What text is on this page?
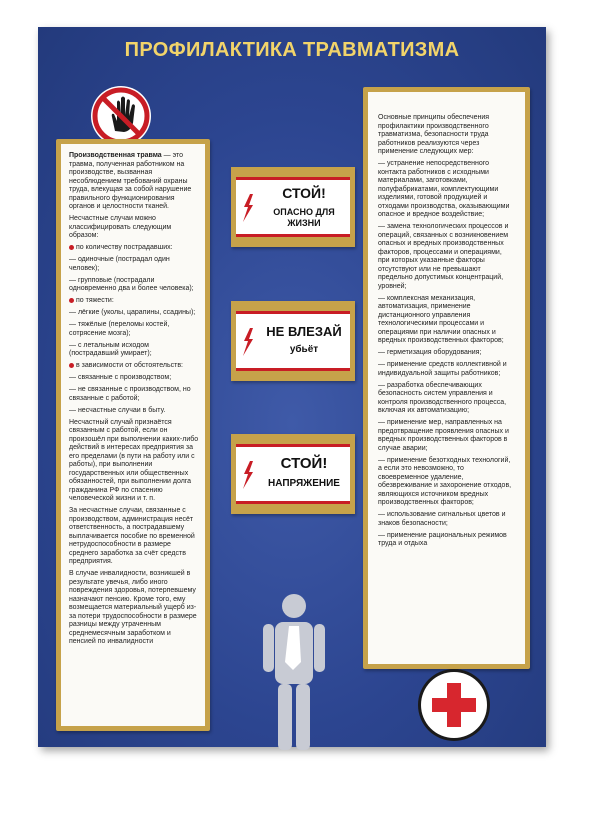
ПРОФИЛАКТИКА ТРАВМАТИЗМА

Производственная травма — это травма, полученная работником на производстве, вызванная несоблюдением требований охраны труда, влекущая за собой нарушение правильного функционирования органов и целостности тканей.

Несчастные случаи можно классифицировать следующим образом:

по количеству пострадавших:

— одиночные (пострадал один человек);

— групповые (пострадали одновременно два и более человека);

по тяжести:

— лёгкие (уколы, царапины, ссадины);

— тяжёлые (переломы костей, сотрясение мозга);

— с летальным исходом (пострадавший умирает);

в зависимости от обстоятельств:

— связанные с производством;

— не связанные с производством, но связанные с работой;

— несчастные случаи в быту.

Несчастный случай признаётся связанным с работой, если он произошёл при выполнении каких-либо действий в интересах предприятия за его пределами (в пути на работу или с работы), при выполнении государственных или общественных обязанностей, при выполнении долга гражданина РФ по спасению человеческой жизни и т. п.

За несчастные случаи, связанные с производством, администрация несёт ответственность, а пострадавшему выплачивается пособие по временной нетрудоспособности в размере среднего заработка за счёт средств предприятия.

В случае инвалидности, возникшей в результате увечья, либо иного повреждения здоровья, потерпевшему назначают пенсию. Кроме того, ему возмещается материальный ущерб из-за потери трудоспособности в размере разницы между утраченным среднемесячным заработком и пенсией по инвалидности

СТОЙ!
ОПАСНО ДЛЯ
ЖИЗНИ
НЕ ВЛЕЗАЙ
убьёт
СТОЙ!
НАПРЯЖЕНИЕ

Основные принципы обеспечения профилактики производственного травматизма, безопасности труда работников реализуются через применение следующих мер:

— устранение непосредственного контакта работников с исходными материалами, заготовками, полуфабрикатами, комплектующими изделиями, готовой продукцией и отходами производства, оказывающими опасное и вредное воздействие;

— замена технологических процессов и операций, связанных с возникновением опасных и вредных производственных факторов, процессами и операциями, при которых указанные факторы отсутствуют или не превышают предельно допустимых концентраций, уровней;

— комплексная механизация, автоматизация, применение дистанционного управления технологическими процессами и операциями при наличии опасных и вредных производственных факторов;

— герметизация оборудования;

— применение средств коллективной и индивидуальной защиты работников;

— разработка обеспечивающих безопасность систем управления и контроля производственного процесса, включая их автоматизацию;

— применение мер, направленных на предотвращение проявления опасных и вредных производственных факторов в случае аварии;

— применение безотходных технологий, а если это невозможно, то своевременное удаление, обезвреживание и захоронение отходов, являющихся источником вредных производственных факторов;

— использование сигнальных цветов и знаков безопасности;

— применение рациональных режимов труда и отдыха
